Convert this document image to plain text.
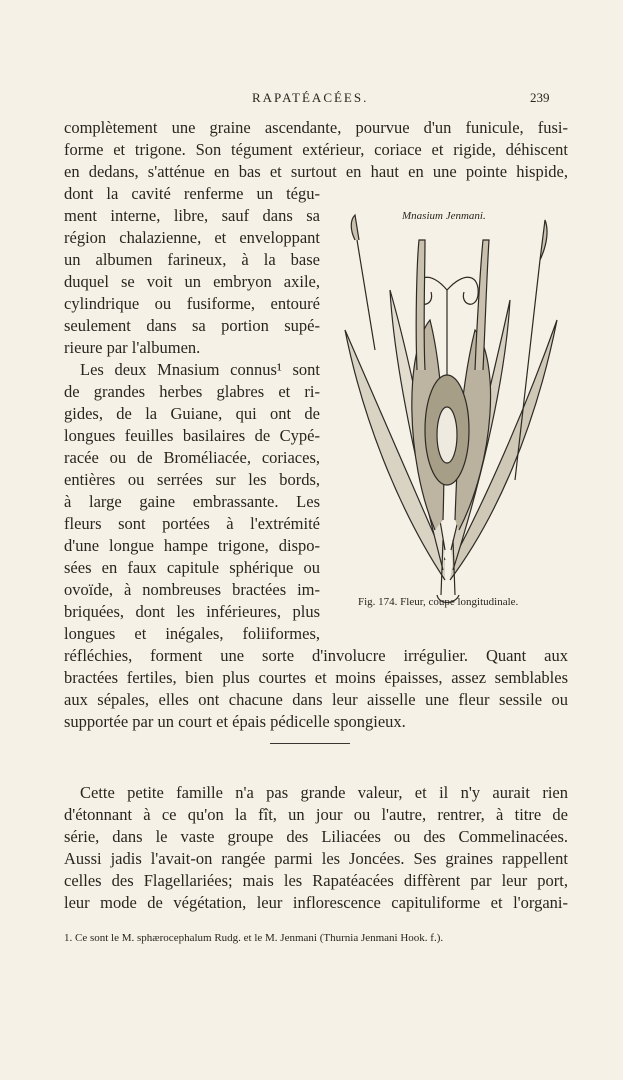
RAPATÉACÉES.	239
complètement une graine ascendante, pourvue d'un funicule, fusi-
forme et trigone. Son tégument extérieur, coriace et rigide, déhiscent
en dedans, s'atténue en bas et surtout en haut en une pointe hispide,
dont la cavité renferme un tégu-
ment interne, libre, sauf dans sa
région chalazienne, et enveloppant
un albumen farineux, à la base
duquel se voit un embryon axile,
cylindrique ou fusiforme, entouré
seulement dans sa portion supé-
rieure par l'albumen.
Les deux Mnasium connus¹ sont
de grandes herbes glabres et ri-
gides, de la Guiane, qui ont de
longues feuilles basilaires de Cypé-
racée ou de Broméliacée, coriaces,
entières ou serrées sur les bords,
à large gaine embrassante. Les
fleurs sont portées à l'extrémité
d'une longue hampe trigone, dispo-
sées en faux capitule sphérique ou
ovoïde, à nombreuses bractées im-
briquées, dont les inférieures, plus
longues et inégales, foliiformes,
réfléchies, forment une sorte d'involucre irrégulier. Quant aux
bractées fertiles, bien plus courtes et moins épaisses, assez semblables
aux sépales, elles ont chacune dans leur aisselle une fleur sessile ou
supportée par un court et épais pédicelle spongieux.
Cette petite famille n'a pas grande valeur, et il n'y aurait rien
d'étonnant à ce qu'on la fît, un jour ou l'autre, rentrer, à titre de
série, dans le vaste groupe des Liliacées ou des Commelinacées.
Aussi jadis l'avait-on rangée parmi les Joncées. Ses graines rappellent
celles des Flagellariées; mais les Rapatéacées diffèrent par leur port,
leur mode de végétation, leur inflorescence capituliforme et l'organi-
Mnasium Jenmani.
Fig. 174. Fleur, coupe longitudinale.
1. Ce sont le M. sphærocephalum Rudg. et le M. Jenmani (Thurnia Jenmani Hook. f.).
